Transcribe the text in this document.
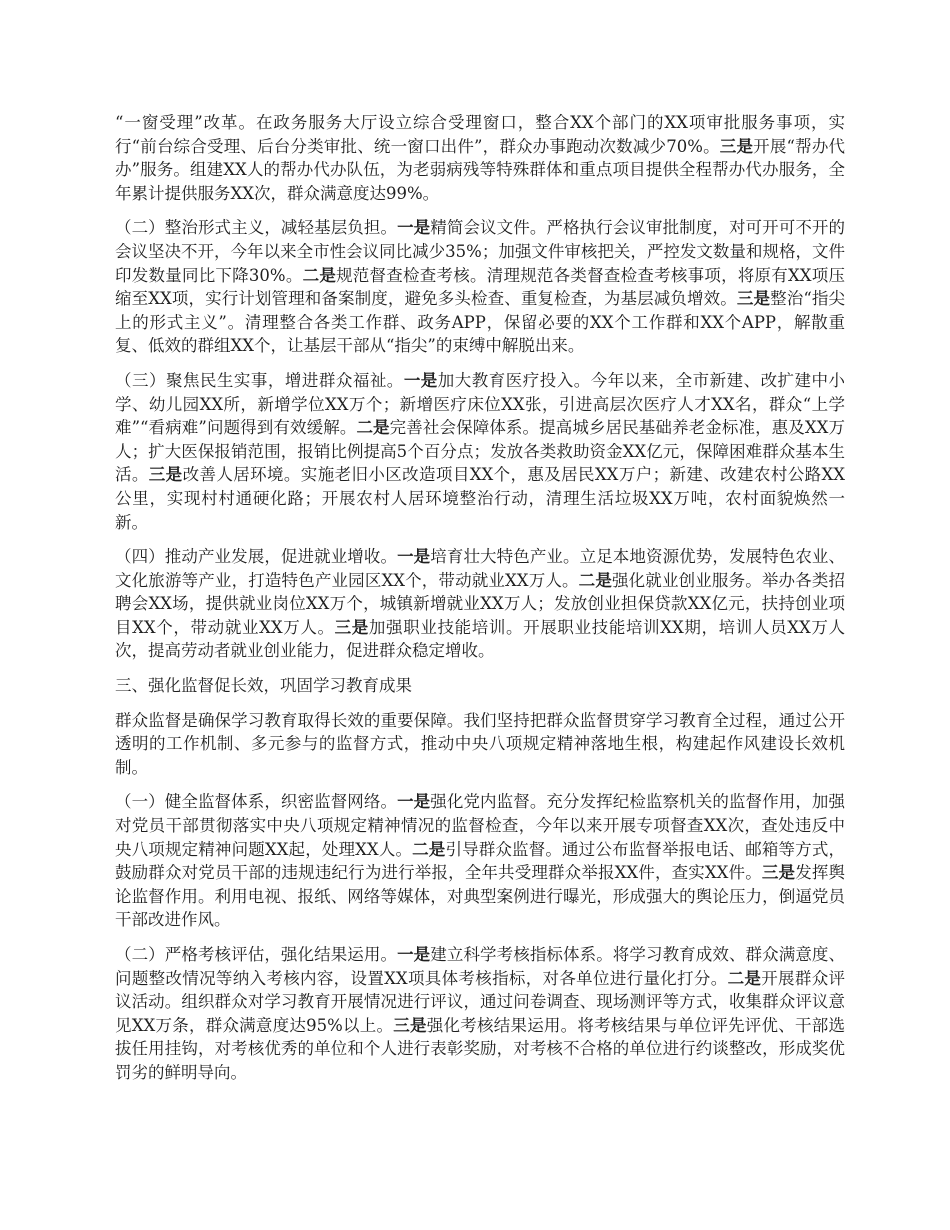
“一窗受理”改革。在政务服务大厅设立综合受理窗口，整合XX个部门的XX项审批服务事项，实行“前台综合受理、后台分类审批、统一窗口出件”，群众办事跑动次数减少70%。三是开展“帮办代办”服务。组建XX人的帮办代办队伍，为老弱病残等特殊群体和重点项目提供全程帮办代办服务，全年累计提供服务XX次，群众满意度达99%。

（二）整治形式主义，减轻基层负担。一是精简会议文件。严格执行会议审批制度，对可开可不开的会议坚决不开，今年以来全市性会议同比减少35%；加强文件审核把关，严控发文数量和规格，文件印发数量同比下降30%。二是规范督查检查考核。清理规范各类督查检查考核事项，将原有XX项压缩至XX项，实行计划管理和备案制度，避免多头检查、重复检查，为基层减负增效。三是整治“指尖上的形式主义”。清理整合各类工作群、政务APP，保留必要的XX个工作群和XX个APP，解散重复、低效的群组XX个，让基层干部从“指尖”的束缚中解脱出来。

（三）聚焦民生实事，增进群众福祉。一是加大教育医疗投入。今年以来，全市新建、改扩建中小学、幼儿园XX所，新增学位XX万个；新增医疗床位XX张，引进高层次医疗人才XX名，群众“上学难”“看病难”问题得到有效缓解。二是完善社会保障体系。提高城乡居民基础养老金标准，惠及XX万人；扩大医保报销范围，报销比例提高5个百分点；发放各类救助资金XX亿元，保障困难群众基本生活。三是改善人居环境。实施老旧小区改造项目XX个，惠及居民XX万户；新建、改建农村公路XX公里，实现村村通硬化路；开展农村人居环境整治行动，清理生活垃圾XX万吨，农村面貌焕然一新。

（四）推动产业发展，促进就业增收。一是培育壮大特色产业。立足本地资源优势，发展特色农业、文化旅游等产业，打造特色产业园区XX个，带动就业XX万人。二是强化就业创业服务。举办各类招聘会XX场，提供就业岗位XX万个，城镇新增就业XX万人；发放创业担保贷款XX亿元，扶持创业项目XX个，带动就业XX万人。三是加强职业技能培训。开展职业技能培训XX期，培训人员XX万人次，提高劳动者就业创业能力，促进群众稳定增收。

三、强化监督促长效，巩固学习教育成果

群众监督是确保学习教育取得长效的重要保障。我们坚持把群众监督贯穿学习教育全过程，通过公开透明的工作机制、多元参与的监督方式，推动中央八项规定精神落地生根，构建起作风建设长效机制。

（一）健全监督体系，织密监督网络。一是强化党内监督。充分发挥纪检监察机关的监督作用，加强对党员干部贯彻落实中央八项规定精神情况的监督检查，今年以来开展专项督查XX次，查处违反中央八项规定精神问题XX起，处理XX人。二是引导群众监督。通过公布监督举报电话、邮箱等方式，鼓励群众对党员干部的违规违纪行为进行举报，全年共受理群众举报XX件，查实XX件。三是发挥舆论监督作用。利用电视、报纸、网络等媒体，对典型案例进行曝光，形成强大的舆论压力，倒逼党员干部改进作风。

（二）严格考核评估，强化结果运用。一是建立科学考核指标体系。将学习教育成效、群众满意度、问题整改情况等纳入考核内容，设置XX项具体考核指标，对各单位进行量化打分。二是开展群众评议活动。组织群众对学习教育开展情况进行评议，通过问卷调查、现场测评等方式，收集群众评议意见XX万条，群众满意度达95%以上。三是强化考核结果运用。将考核结果与单位评先评优、干部选拔任用挂钩，对考核优秀的单位和个人进行表彰奖励，对考核不合格的单位进行约谈整改，形成奖优罚劣的鲜明导向。
